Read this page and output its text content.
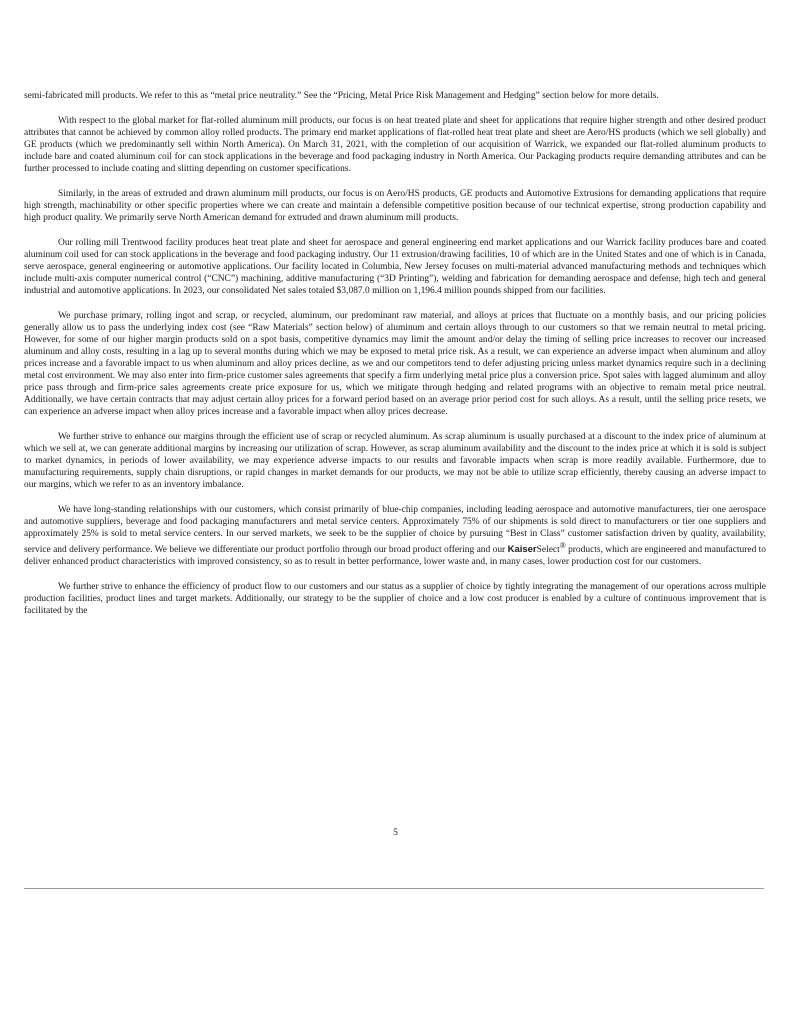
semi-fabricated mill products. We refer to this as “metal price neutrality.” See the “Pricing, Metal Price Risk Management and Hedging” section below for more details.

With respect to the global market for flat-rolled aluminum mill products, our focus is on heat treated plate and sheet for applications that require higher strength and other desired product attributes that cannot be achieved by common alloy rolled products. The primary end market applications of flat-rolled heat treat plate and sheet are Aero/HS products (which we sell globally) and GE products (which we predominantly sell within North America). On March 31, 2021, with the completion of our acquisition of Warrick, we expanded our flat-rolled aluminum products to include bare and coated aluminum coil for can stock applications in the beverage and food packaging industry in North America. Our Packaging products require demanding attributes and can be further processed to include coating and slitting depending on customer specifications.

Similarly, in the areas of extruded and drawn aluminum mill products, our focus is on Aero/HS products, GE products and Automotive Extrusions for demanding applications that require high strength, machinability or other specific properties where we can create and maintain a defensible competitive position because of our technical expertise, strong production capability and high product quality. We primarily serve North American demand for extruded and drawn aluminum mill products.

Our rolling mill Trentwood facility produces heat treat plate and sheet for aerospace and general engineering end market applications and our Warrick facility produces bare and coated aluminum coil used for can stock applications in the beverage and food packaging industry. Our 11 extrusion/drawing facilities, 10 of which are in the United States and one of which is in Canada, serve aerospace, general engineering or automotive applications. Our facility located in Columbia, New Jersey focuses on multi-material advanced manufacturing methods and techniques which include multi-axis computer numerical control (“CNC”) machining, additive manufacturing (“3D Printing”), welding and fabrication for demanding aerospace and defense, high tech and general industrial and automotive applications. In 2023, our consolidated Net sales totaled $3,087.0 million on 1,196.4 million pounds shipped from our facilities.

We purchase primary, rolling ingot and scrap, or recycled, aluminum, our predominant raw material, and alloys at prices that fluctuate on a monthly basis, and our pricing policies generally allow us to pass the underlying index cost (see “Raw Materials” section below) of aluminum and certain alloys through to our customers so that we remain neutral to metal pricing. However, for some of our higher margin products sold on a spot basis, competitive dynamics may limit the amount and/or delay the timing of selling price increases to recover our increased aluminum and alloy costs, resulting in a lag up to several months during which we may be exposed to metal price risk. As a result, we can experience an adverse impact when aluminum and alloy prices increase and a favorable impact to us when aluminum and alloy prices decline, as we and our competitors tend to defer adjusting pricing unless market dynamics require such in a declining metal cost environment. We may also enter into firm-price customer sales agreements that specify a firm underlying metal price plus a conversion price. Spot sales with lagged aluminum and alloy price pass through and firm-price sales agreements create price exposure for us, which we mitigate through hedging and related programs with an objective to remain metal price neutral. Additionally, we have certain contracts that may adjust certain alloy prices for a forward period based on an average prior period cost for such alloys. As a result, until the selling price resets, we can experience an adverse impact when alloy prices increase and a favorable impact when alloy prices decrease.

We further strive to enhance our margins through the efficient use of scrap or recycled aluminum. As scrap aluminum is usually purchased at a discount to the index price of aluminum at which we sell at, we can generate additional margins by increasing our utilization of scrap. However, as scrap aluminum availability and the discount to the index price at which it is sold is subject to market dynamics, in periods of lower availability, we may experience adverse impacts to our results and favorable impacts when scrap is more readily available. Furthermore, due to manufacturing requirements, supply chain disruptions, or rapid changes in market demands for our products, we may not be able to utilize scrap efficiently, thereby causing an adverse impact to our margins, which we refer to as an inventory imbalance.

We have long-standing relationships with our customers, which consist primarily of blue-chip companies, including leading aerospace and automotive manufacturers, tier one aerospace and automotive suppliers, beverage and food packaging manufacturers and metal service centers. Approximately 75% of our shipments is sold direct to manufacturers or tier one suppliers and approximately 25% is sold to metal service centers. In our served markets, we seek to be the supplier of choice by pursuing “Best in Class” customer satisfaction driven by quality, availability, service and delivery performance. We believe we differentiate our product portfolio through our broad product offering and our KaiserSelect® products, which are engineered and manufactured to deliver enhanced product characteristics with improved consistency, so as to result in better performance, lower waste and, in many cases, lower production cost for our customers.

We further strive to enhance the efficiency of product flow to our customers and our status as a supplier of choice by tightly integrating the management of our operations across multiple production facilities, product lines and target markets. Additionally, our strategy to be the supplier of choice and a low cost producer is enabled by a culture of continuous improvement that is facilitated by the

5
